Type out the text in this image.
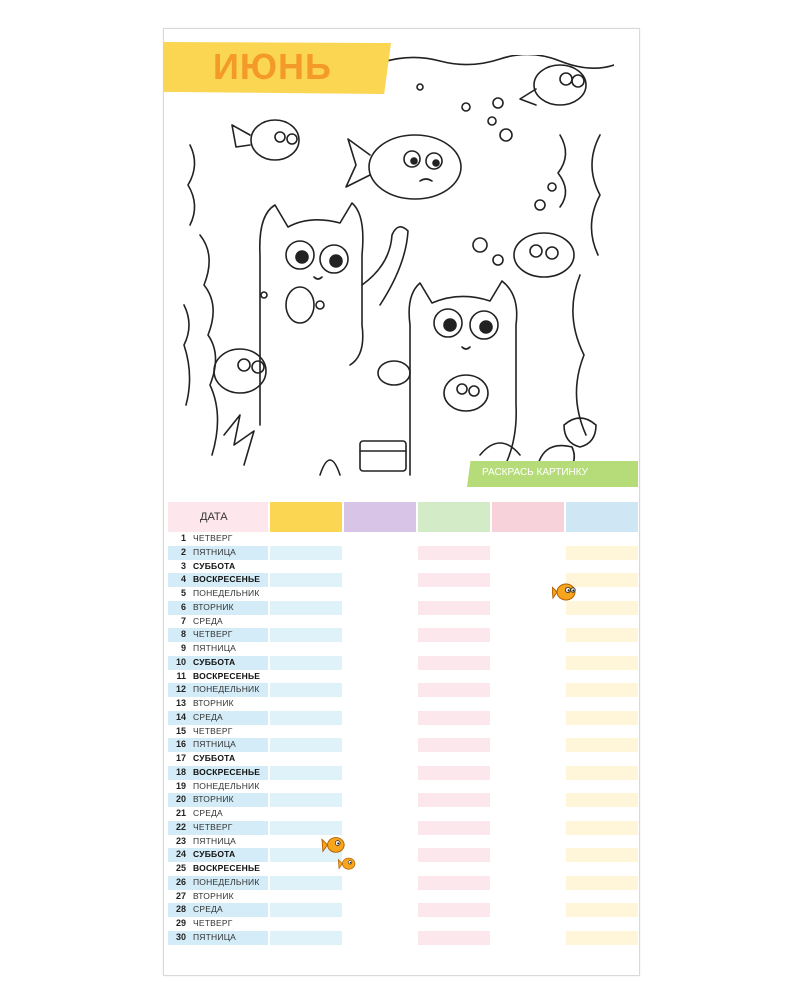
ИЮНЬ
РАСКРАСЬ КАРТИНКУ
ДАТА
1 ЧЕТВЕРГ
2 ПЯТНИЦА
3 СУББОТА
4 ВОСКРЕСЕНЬЕ
5 ПОНЕДЕЛЬНИК
6 ВТОРНИК
7 СРЕДА
8 ЧЕТВЕРГ
9 ПЯТНИЦА
10 СУББОТА
11 ВОСКРЕСЕНЬЕ
12 ПОНЕДЕЛЬНИК
13 ВТОРНИК
14 СРЕДА
15 ЧЕТВЕРГ
16 ПЯТНИЦА
17 СУББОТА
18 ВОСКРЕСЕНЬЕ
19 ПОНЕДЕЛЬНИК
20 ВТОРНИК
21 СРЕДА
22 ЧЕТВЕРГ
23 ПЯТНИЦА
24 СУББОТА
25 ВОСКРЕСЕНЬЕ
26 ПОНЕДЕЛЬНИК
27 ВТОРНИК
28 СРЕДА
29 ЧЕТВЕРГ
30 ПЯТНИЦА
